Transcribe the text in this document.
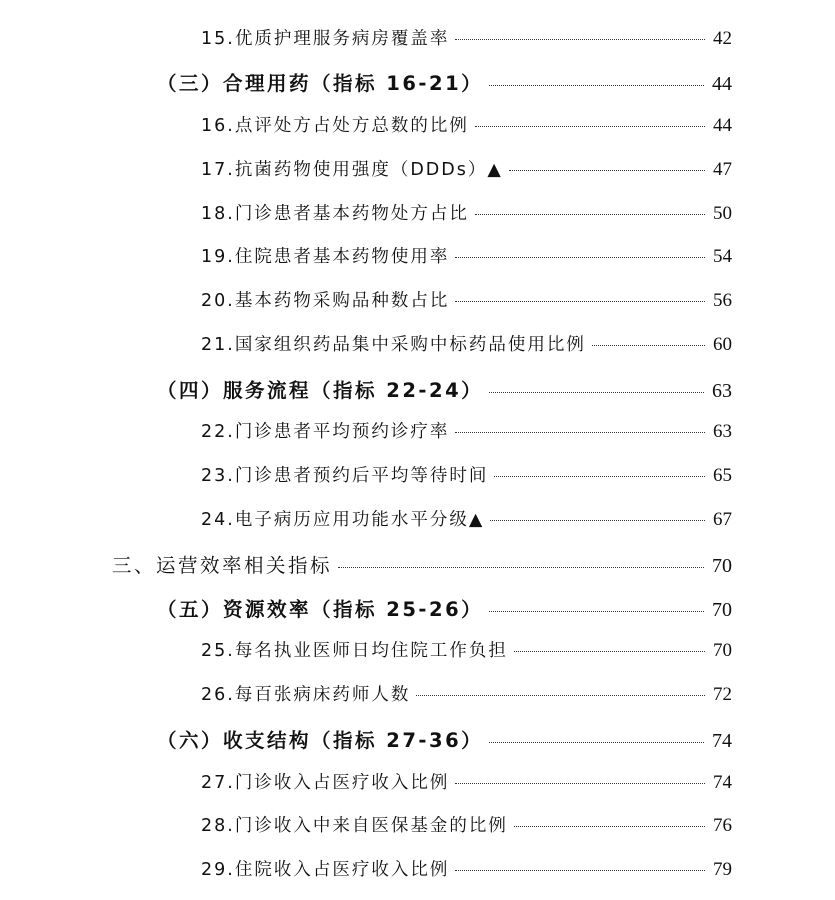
15.优质护理服务病房覆盖率	42
（三）合理用药（指标 16-21）	44
16.点评处方占处方总数的比例	44
17.抗菌药物使用强度（DDDs）▲	47
18.门诊患者基本药物处方占比	50
19.住院患者基本药物使用率	54
20.基本药物采购品种数占比	56
21.国家组织药品集中采购中标药品使用比例	60
（四）服务流程（指标 22-24）	63
22.门诊患者平均预约诊疗率	63
23.门诊患者预约后平均等待时间	65
24.电子病历应用功能水平分级▲	67
三、运营效率相关指标	70
（五）资源效率（指标 25-26）	70
25.每名执业医师日均住院工作负担	70
26.每百张病床药师人数	72
（六）收支结构（指标 27-36）	74
27.门诊收入占医疗收入比例	74
28.门诊收入中来自医保基金的比例	76
29.住院收入占医疗收入比例	79
